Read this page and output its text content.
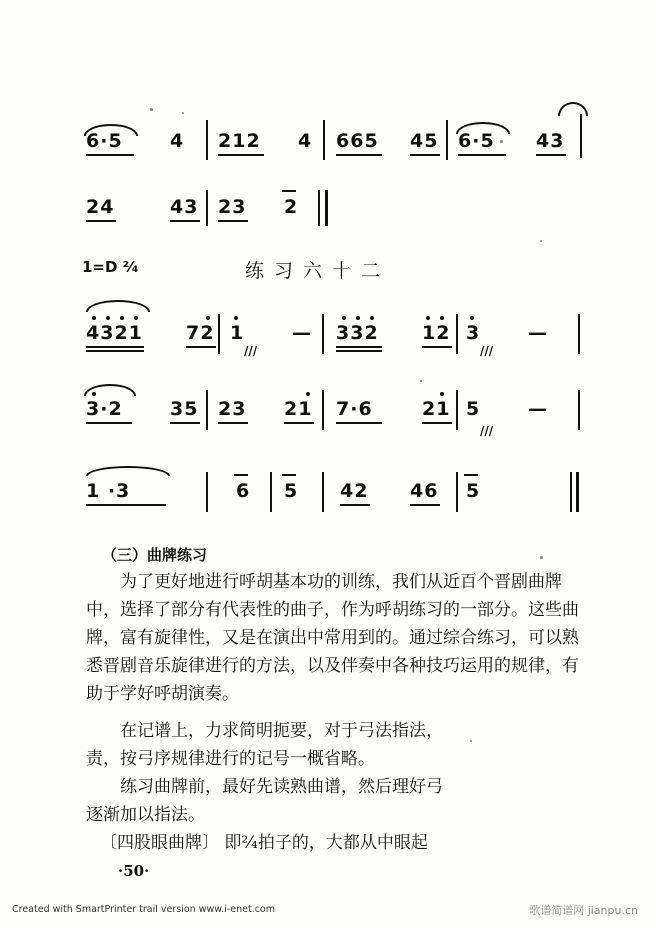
6·5 4 212 4 665 45 6·5 43
24	43 23 2
1=D ²⁄₄	练习六十二
4321 72 1
///
— 332 12 3
///
—
3·2 35 23 21 7·6	21 5
///
—
1 ·3	6 5 42 46 5
（三）曲牌练习
为了更好地进行呼胡基本功的训练，我们从近百个晋剧曲牌中，选择了部分有代表性的曲子，作为呼胡练习的一部分。这些曲牌，富有旋律性，又是在演出中常用到的。通过综合练习，可以熟悉晋剧音乐旋律进行的方法，以及伴奏中各种技巧运用的规律，有助于学好呼胡演奏。
在记谱上，力求简明扼要，对于弓法指法，
责，按弓序规律进行的记号一概省略。
练习曲牌前，最好先读熟曲谱，然后理好弓
逐渐加以指法。
〔四股眼曲牌〕 即²⁄₄拍子的，大都从中眼起
·50·
Created with SmartPrinter trail version www.i-enet.com	歌谱简谱网 jianpu.cn
